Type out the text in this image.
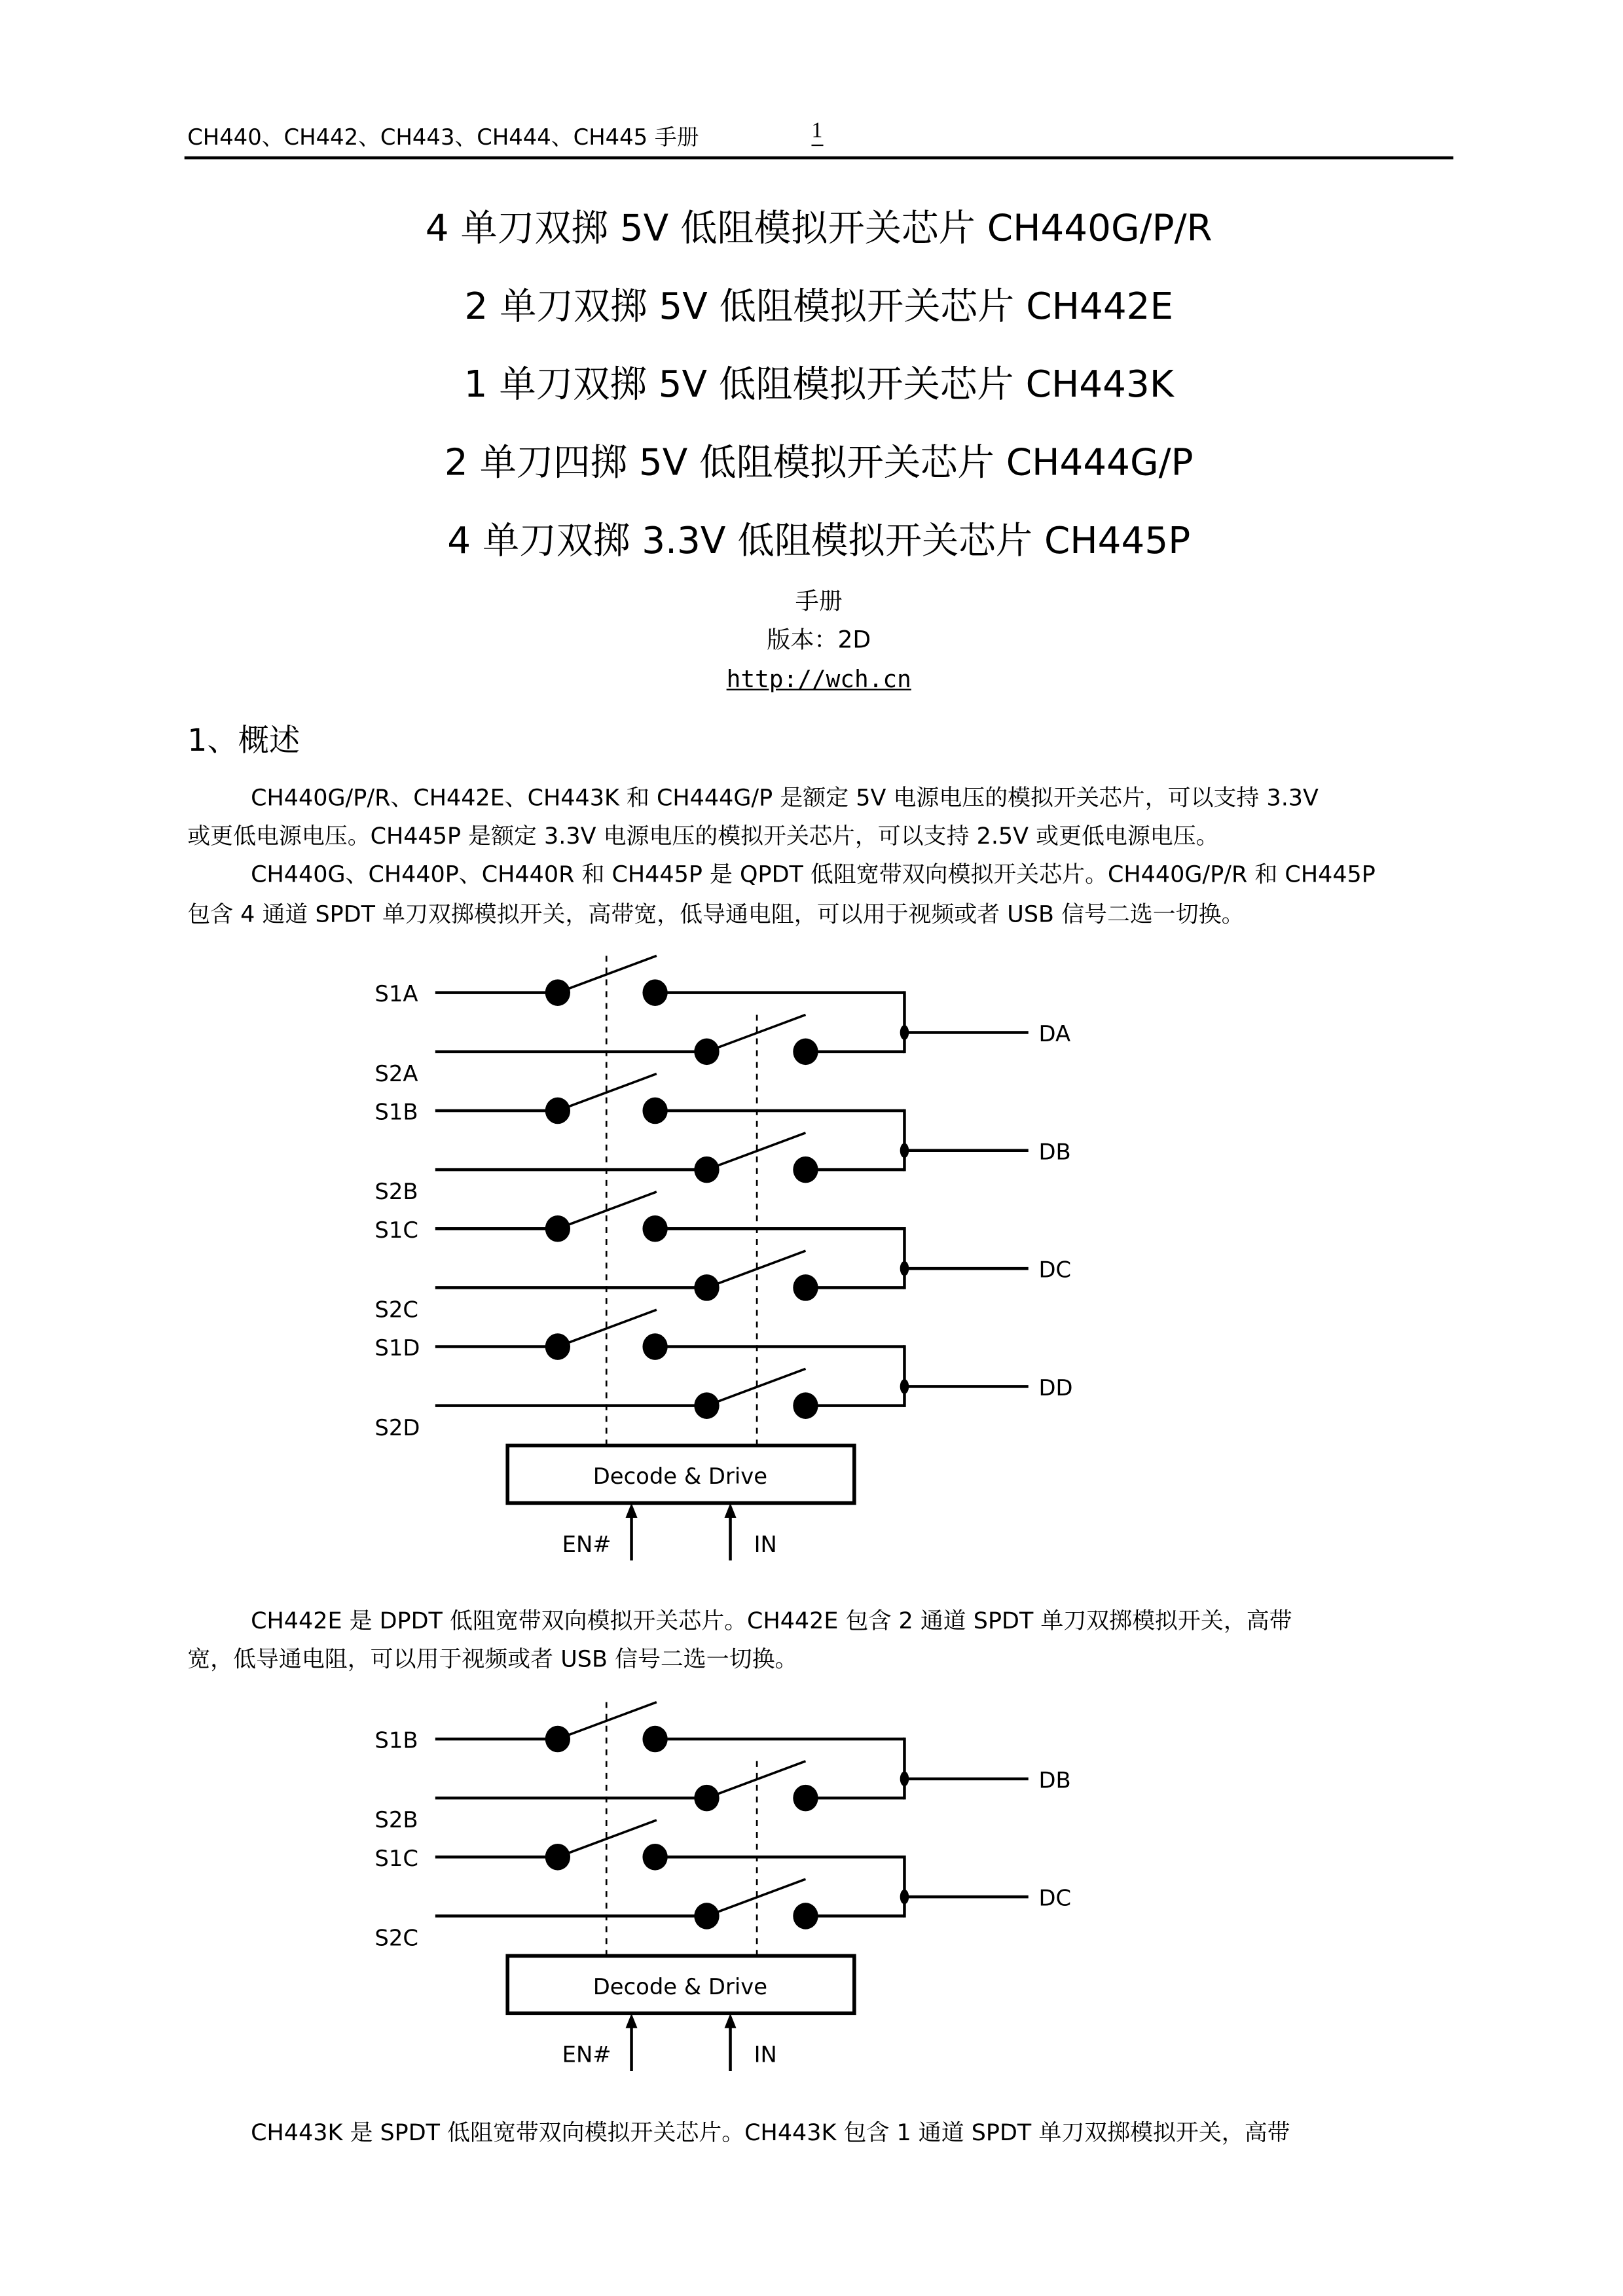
CH440、CH442、CH443、CH444、CH445 手册	1
4 单刀双掷 5V 低阻模拟开关芯片 CH440G/P/R
2 单刀双掷 5V 低阻模拟开关芯片 CH442E
1 单刀双掷 5V 低阻模拟开关芯片 CH443K
2 单刀四掷 5V 低阻模拟开关芯片 CH444G/P
4 单刀双掷 3.3V 低阻模拟开关芯片 CH445P
手册
版本：2D
http://wch.cn
1、概述
CH440G/P/R、CH442E、CH443K 和 CH444G/P 是额定 5V 电源电压的模拟开关芯片，可以支持 3.3V
或更低电源电压。CH445P 是额定 3.3V 电源电压的模拟开关芯片，可以支持 2.5V 或更低电源电压。
CH440G、CH440P、CH440R 和 CH445P 是 QPDT 低阻宽带双向模拟开关芯片。CH440G/P/R 和 CH445P
包含 4 通道 SPDT 单刀双掷模拟开关，高带宽，低导通电阻，可以用于视频或者 USB 信号二选一切换。
CH442E 是 DPDT 低阻宽带双向模拟开关芯片。CH442E 包含 2 通道 SPDT 单刀双掷模拟开关，高带
宽，低导通电阻，可以用于视频或者 USB 信号二选一切换。
CH443K 是 SPDT 低阻宽带双向模拟开关芯片。CH443K 包含 1 通道 SPDT 单刀双掷模拟开关，高带
S1A
S2A
DA
S1B
S2B
DB
S1C
S2C
DC
S1D
S2D
DD
Decode & Drive
EN#	IN
S1B
S2B
DB
S1C
S2C
DC
Decode & Drive
EN#	IN
